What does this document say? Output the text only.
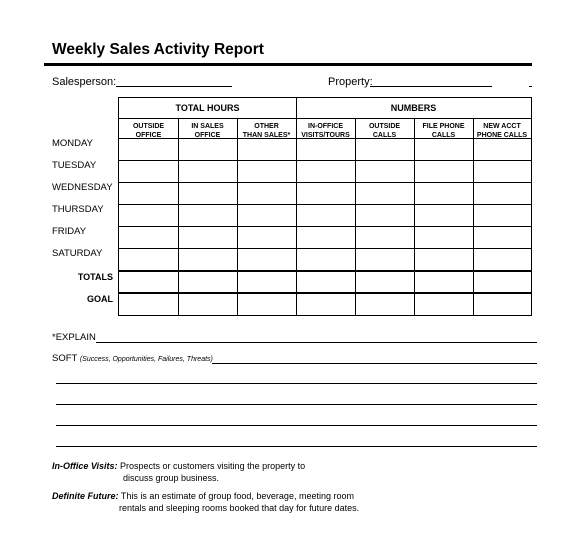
Weekly Sales Activity Report
Salesperson:	Property:
TOTAL HOURS	NUMBERS
OUTSIDE
OFFICE
IN SALES
OFFICE
OTHER
THAN SALES*
IN-OFFICE
VISITS/TOURS
OUTSIDE
CALLS
FILE PHONE
CALLS
NEW ACCT
PHONE CALLS
MONDAY
TUESDAY
WEDNESDAY
THURSDAY
FRIDAY
SATURDAY
TOTALS
GOAL
*EXPLAIN
SOFT (Success, Opportunities, Failures, Threats)
In-Office Visits: Prospects or customers visiting the property to
discuss group business.
Definite Future: This is an estimate of group food, beverage, meeting room
rentals and sleeping rooms booked that day for future dates.
